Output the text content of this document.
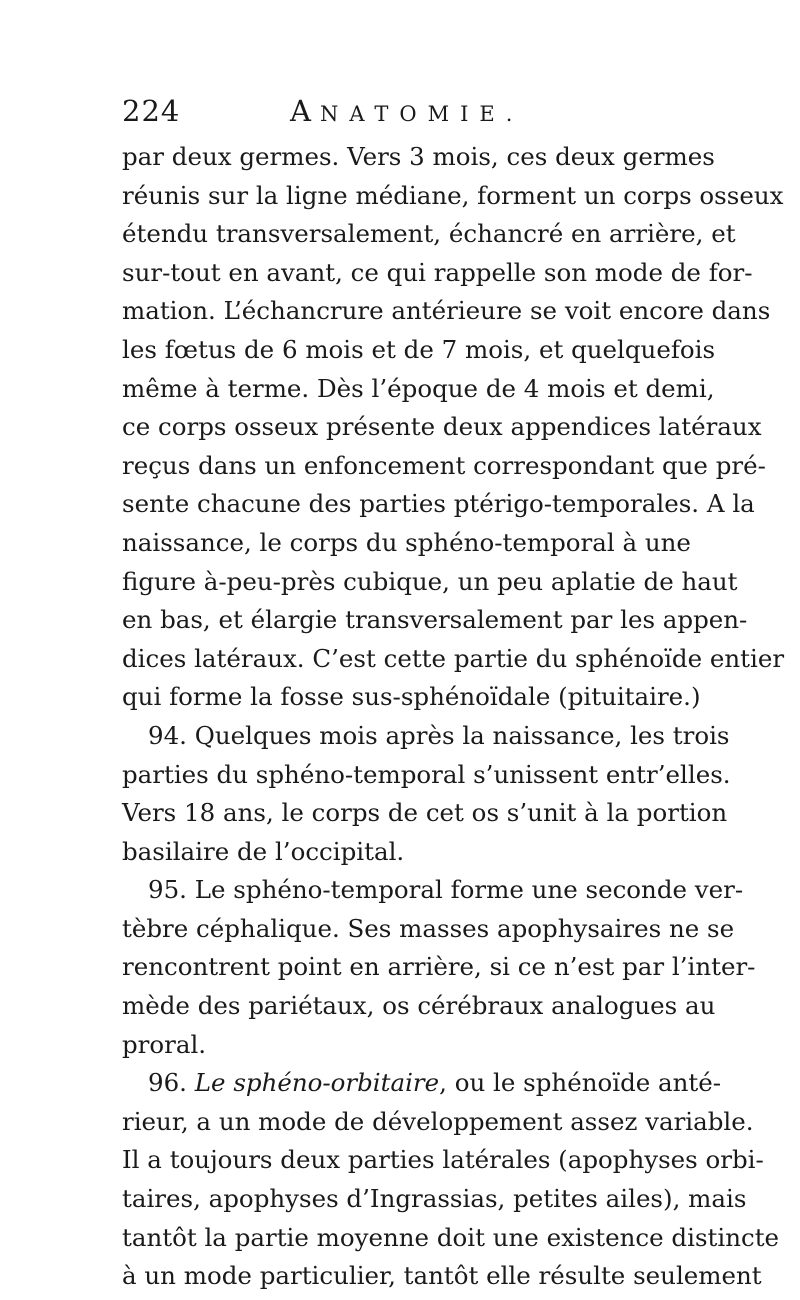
224	ANATOMIE.
par deux germes. Vers 3 mois, ces deux germes
réunis sur la ligne médiane, forment un corps osseux
étendu transversalement, échancré en arrière, et
sur-tout en avant, ce qui rappelle son mode de for-
mation. L’échancrure antérieure se voit encore dans
les fœtus de 6 mois et de 7 mois, et quelquefois
même à terme. Dès l’époque de 4 mois et demi,
ce corps osseux présente deux appendices latéraux
reçus dans un enfoncement correspondant que pré-
sente chacune des parties ptérigo-temporales. A la
naissance, le corps du sphéno-temporal à une
figure à-peu-près cubique, un peu aplatie de haut
en bas, et élargie transversalement par les appen-
dices latéraux. C’est cette partie du sphénoïde entier
qui forme la fosse sus-sphénoïdale (pituitaire.)
94. Quelques mois après la naissance, les trois
parties du sphéno-temporal s’unissent entr’elles.
Vers 18 ans, le corps de cet os s’unit à la portion
basilaire de l’occipital.
95. Le sphéno-temporal forme une seconde ver-
tèbre céphalique. Ses masses apophysaires ne se
rencontrent point en arrière, si ce n’est par l’inter-
mède des pariétaux, os cérébraux analogues au
proral.
96. Le sphéno-orbitaire, ou le sphénoïde anté-
rieur, a un mode de développement assez variable.
Il a toujours deux parties latérales (apophyses orbi-
taires, apophyses d’Ingrassias, petites ailes), mais
tantôt la partie moyenne doit une existence distincte
à un mode particulier, tantôt elle résulte seulement
